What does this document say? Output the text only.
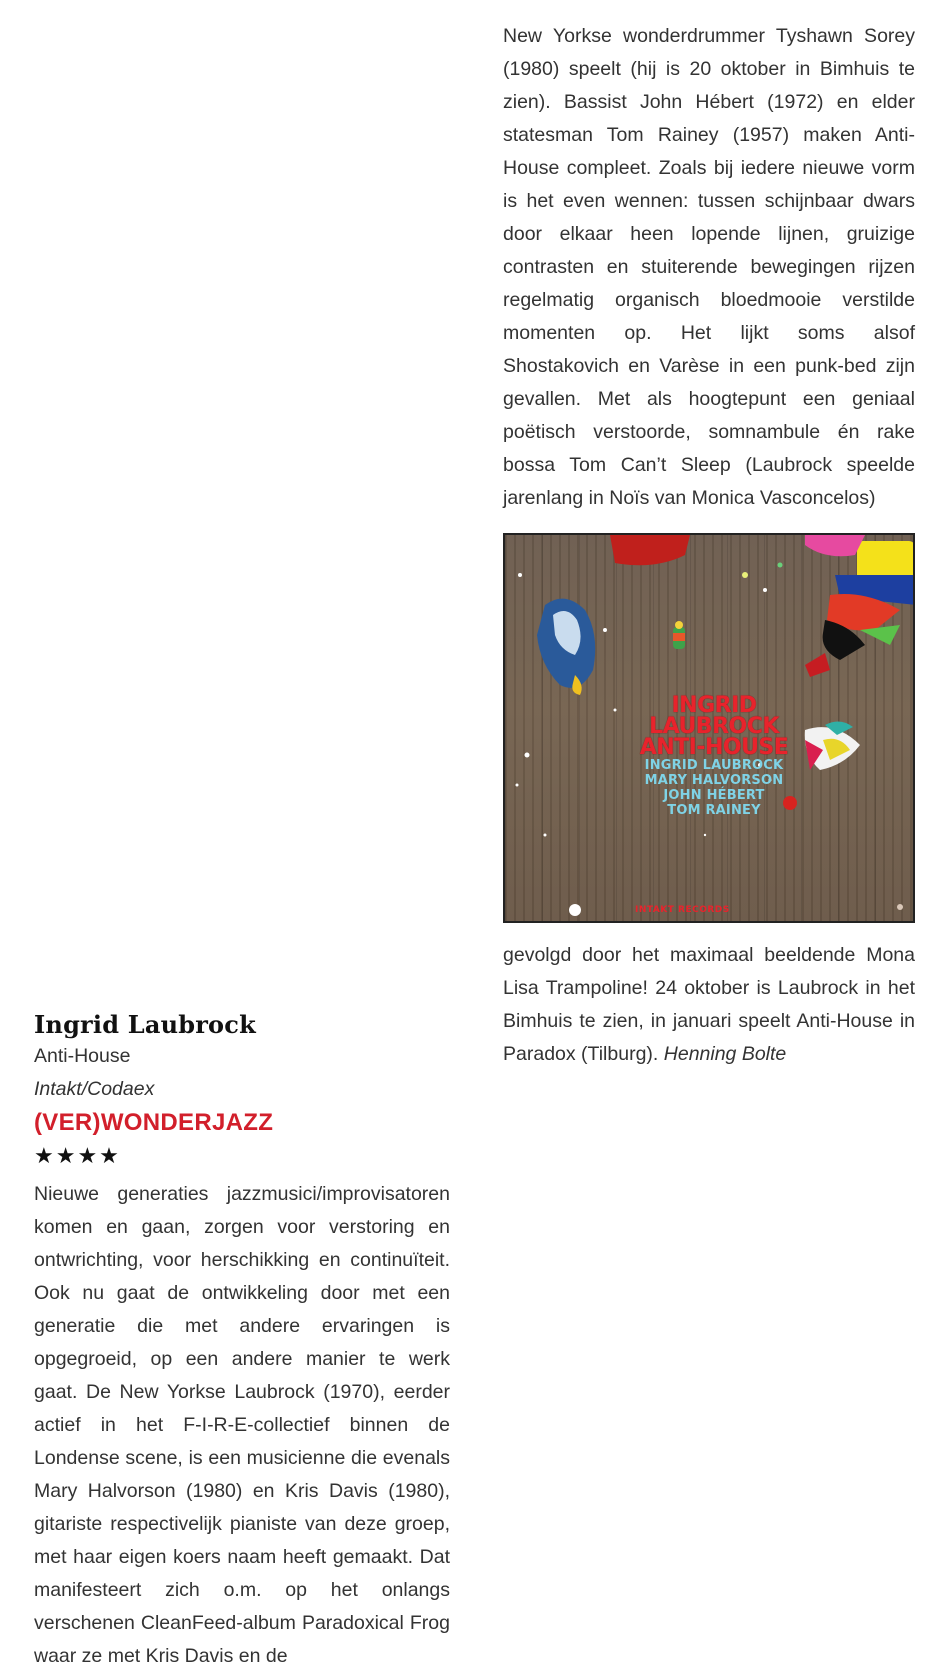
Ingrid Laubrock

Anti-House

Intakt/Codaex

(VER)WONDERJAZZ

★★★★

Nieuwe generaties jazzmusici/improvisatoren komen en gaan, zorgen voor verstoring en ontwrichting, voor herschikking en continuïteit. Ook nu gaat de ontwikkeling door met een generatie die met andere ervaringen is opgegroeid, op een andere manier te werk gaat. De New Yorkse Laubrock (1970), eerder actief in het F-I-R-E-collectief binnen de Londense scene, is een musicienne die evenals Mary Halvorson (1980) en Kris Davis (1980), gitariste respectivelijk pianiste van deze groep, met haar eigen koers naam heeft gemaakt. Dat manifesteert zich o.m. op het onlangs verschenen CleanFeed-album Paradoxical Frog waar ze met Kris Davis en de

New Yorkse wonderdrummer Tyshawn Sorey (1980) speelt (hij is 20 oktober in Bimhuis te zien). Bassist John Hébert (1972) en elder statesman Tom Rainey (1957) maken Anti-House compleet. Zoals bij iedere nieuwe vorm is het even wennen: tussen schijnbaar dwars door elkaar heen lopende lijnen, gruizige contrasten en stuiterende bewegingen rijzen regelmatig organisch bloedmooie verstilde momenten op. Het lijkt soms alsof Shostakovich en Varèse in een punk-bed zijn gevallen. Met als hoogtepunt een geniaal poëtisch verstoorde, somnambule én rake bossa Tom Can’t Sleep (Laubrock speelde jarenlang in Noïs van Monica Vasconcelos)

INGRID
LAUBROCK
ANTI-HOUSE
INGRID LAUBROCK
MARY HALVORSON
JOHN HÉBERT
TOM RAINEY
INTAKT RECORDS

gevolgd door het maximaal beeldende Mona Lisa Trampoline! 24 oktober is Laubrock in het Bimhuis te zien, in januari speelt Anti-House in Paradox (Tilburg). Henning Bolte
